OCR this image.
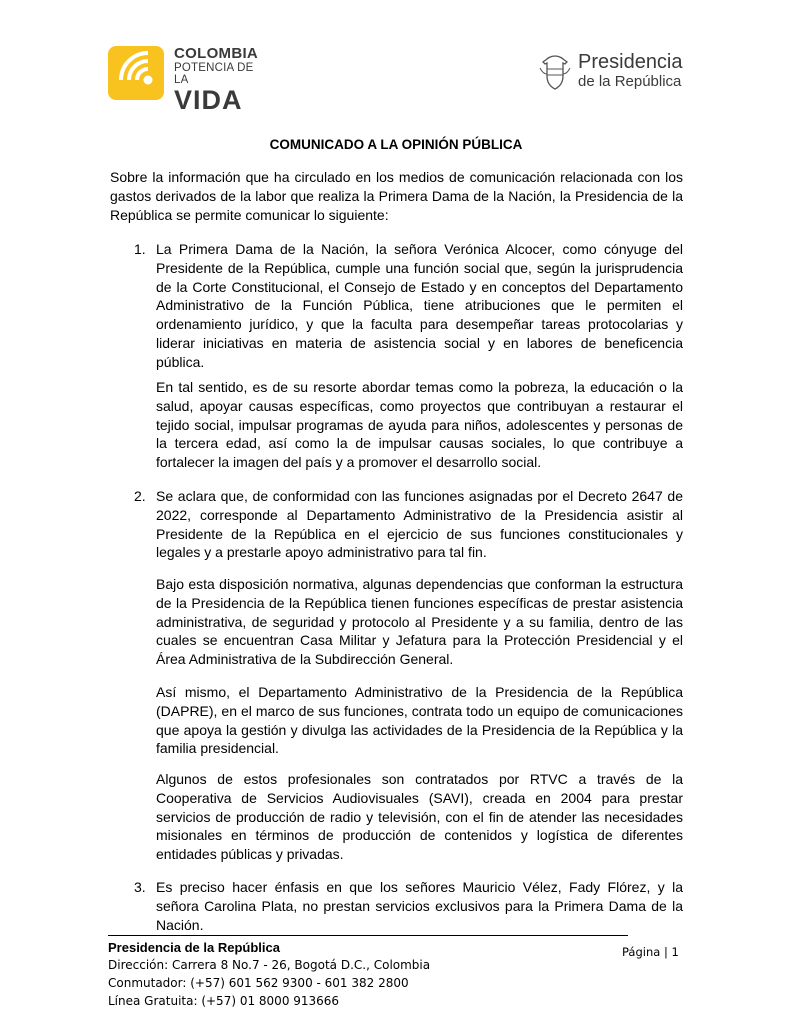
COLOMBIA
POTENCIA DE LA
VIDA
Presidencia
de la República
COMUNICADO A LA OPINIÓN PÚBLICA

Sobre la información que ha circulado en los medios de comunicación relacionada con los gastos derivados de la labor que realiza la Primera Dama de la Nación, la Presidencia de la República se permite comunicar lo siguiente:

1. La Primera Dama de la Nación, la señora Verónica Alcocer, como cónyuge del Presidente de la República, cumple una función social que, según la jurisprudencia de la Corte Constitucional, el Consejo de Estado y en conceptos del Departamento Administrativo de la Función Pública, tiene atribuciones que le permiten el ordenamiento jurídico, y que la faculta para desempeñar tareas protocolarias y liderar iniciativas en materia de asistencia social y en labores de beneficencia pública.

En tal sentido, es de su resorte abordar temas como la pobreza, la educación o la salud, apoyar causas específicas, como proyectos que contribuyan a restaurar el tejido social, impulsar programas de ayuda para niños, adolescentes y personas de la tercera edad, así como la de impulsar causas sociales, lo que contribuye a fortalecer la imagen del país y a promover el desarrollo social.

2. Se aclara que, de conformidad con las funciones asignadas por el Decreto 2647 de 2022, corresponde al Departamento Administrativo de la Presidencia asistir al Presidente de la República en el ejercicio de sus funciones constitucionales y legales y a prestarle apoyo administrativo para tal fin.

Bajo esta disposición normativa, algunas dependencias que conforman la estructura de la Presidencia de la República tienen funciones específicas de prestar asistencia administrativa, de seguridad y protocolo al Presidente y a su familia, dentro de las cuales se encuentran Casa Militar y Jefatura para la Protección Presidencial y el Área Administrativa de la Subdirección General.

Así mismo, el Departamento Administrativo de la Presidencia de la República (DAPRE), en el marco de sus funciones, contrata todo un equipo de comunicaciones que apoya la gestión y divulga las actividades de la Presidencia de la República y la familia presidencial.

Algunos de estos profesionales son contratados por RTVC a través de la Cooperativa de Servicios Audiovisuales (SAVI), creada en 2004 para prestar servicios de producción de radio y televisión, con el fin de atender las necesidades misionales en términos de producción de contenidos y logística de diferentes entidades públicas y privadas.

3. Es preciso hacer énfasis en que los señores Mauricio Vélez, Fady Flórez, y la señora Carolina Plata, no prestan servicios exclusivos para la Primera Dama de la Nación.

Presidencia de la República
Dirección: Carrera 8 No.7 - 26, Bogotá D.C., Colombia
Conmutador: (+57) 601 562 9300 - 601 382 2800
Línea Gratuita: (+57) 01 8000 913666
Página | 1
